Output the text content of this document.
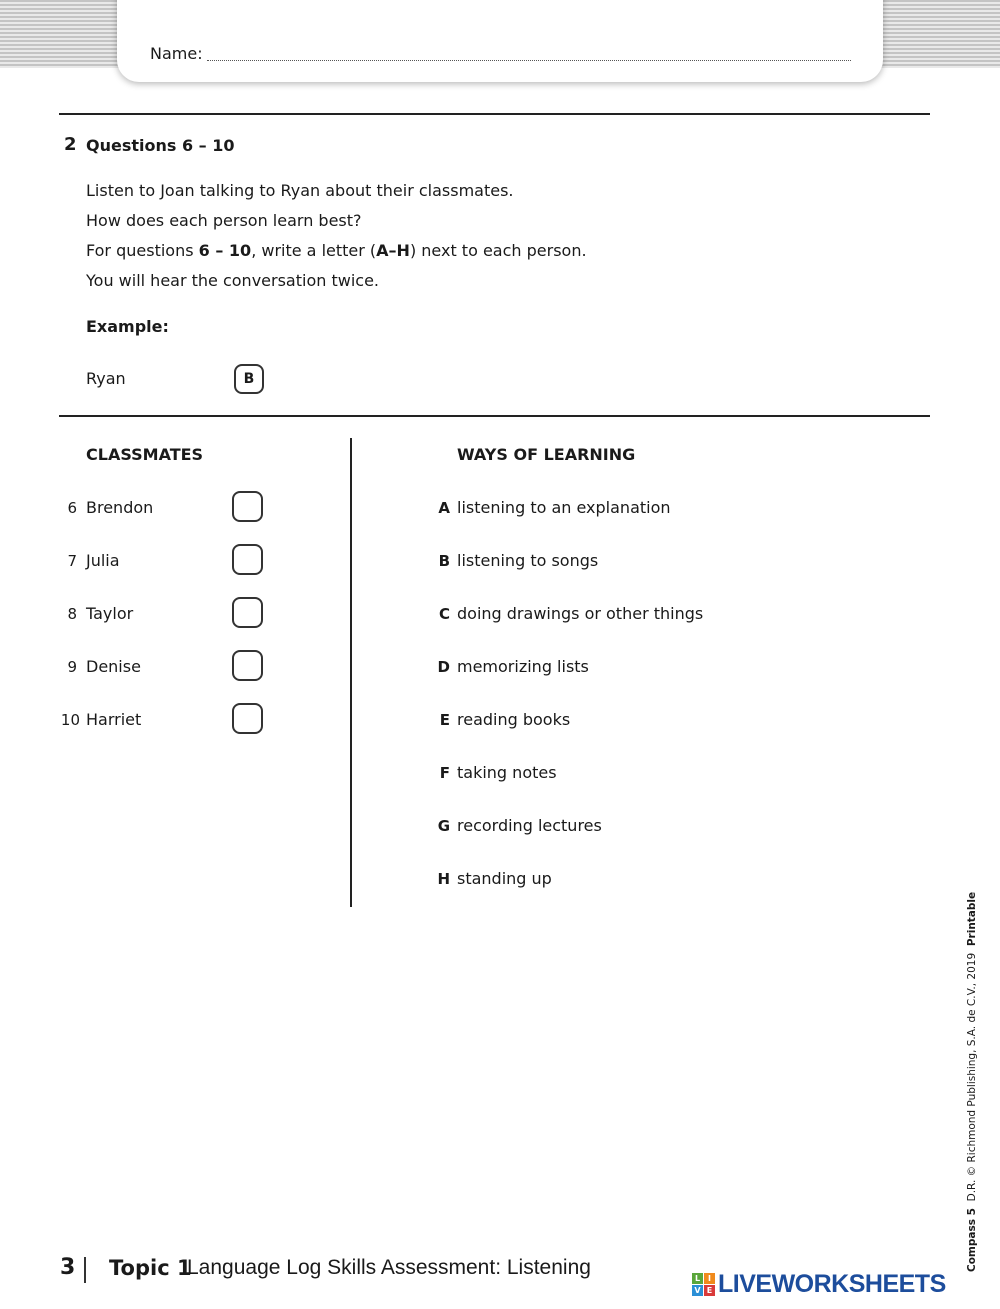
Name:
2 Questions 6 – 10
Listen to Joan talking to Ryan about their classmates.
How does each person learn best?
For questions 6 – 10, write a letter (A–H) next to each person.
You will hear the conversation twice.
Example:
Ryan	B
CLASSMATES
6 Brendon
7 Julia
8 Taylor
9 Denise
10 Harriet
WAYS OF LEARNING
A listening to an explanation
B listening to songs
C doing drawings or other things
D memorizing lists
E reading books
F taking notes
G recording lectures
H standing up
Compass 5  D.R. © Richmond Publishing, S.A. de C.V., 2019  Printable
3 Topic 1
Language Log Skills Assessment: Listening	L I
V E LIVEWORKSHEETS
